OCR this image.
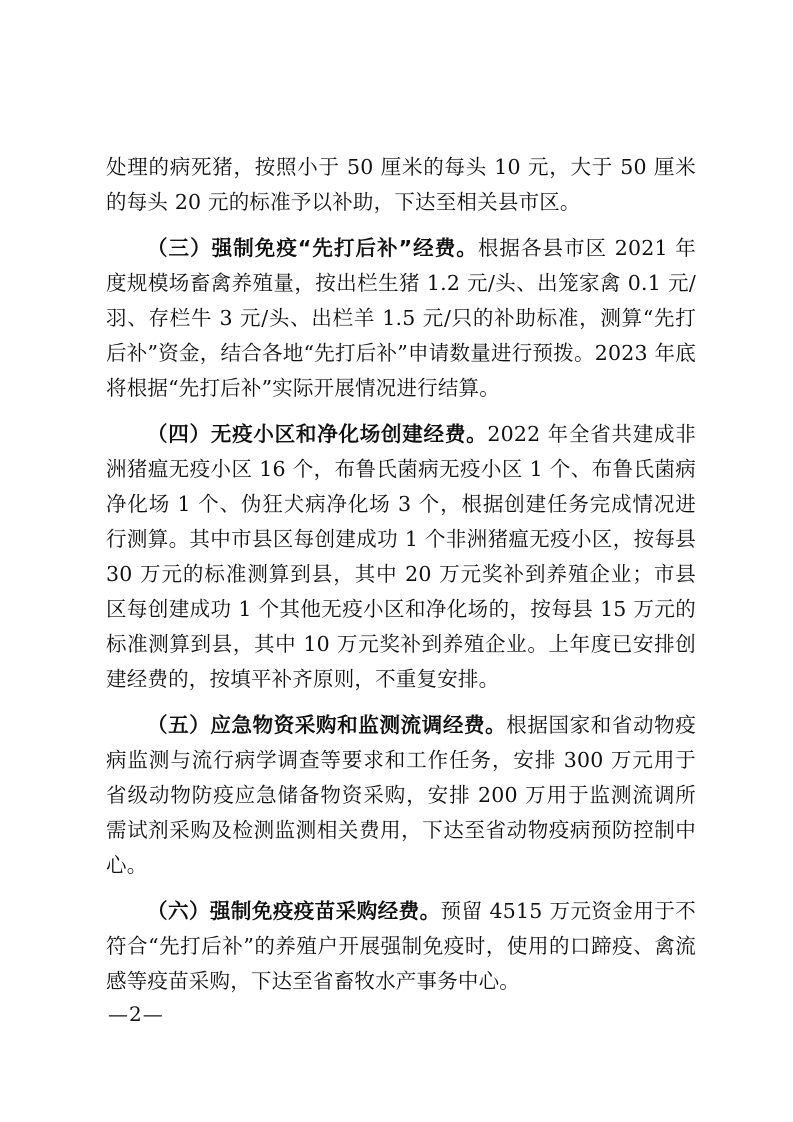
处理的病死猪，按照小于 50 厘米的每头 10 元，大于 50 厘米的每头 20 元的标准予以补助，下达至相关县市区。

（三）强制免疫“先打后补”经费。根据各县市区 2021 年度规模场畜禽养殖量，按出栏生猪 1.2 元/头、出笼家禽 0.1 元/羽、存栏牛 3 元/头、出栏羊 1.5 元/只的补助标准，测算“先打后补”资金，结合各地“先打后补”申请数量进行预拨。2023 年底将根据“先打后补”实际开展情况进行结算。

（四）无疫小区和净化场创建经费。2022 年全省共建成非洲猪瘟无疫小区 16 个，布鲁氏菌病无疫小区 1 个、布鲁氏菌病净化场 1 个、伪狂犬病净化场 3 个，根据创建任务完成情况进行测算。其中市县区每创建成功 1 个非洲猪瘟无疫小区，按每县 30 万元的标准测算到县，其中 20 万元奖补到养殖企业；市县区每创建成功 1 个其他无疫小区和净化场的，按每县 15 万元的标准测算到县，其中 10 万元奖补到养殖企业。上年度已安排创建经费的，按填平补齐原则，不重复安排。

（五）应急物资采购和监测流调经费。根据国家和省动物疫病监测与流行病学调查等要求和工作任务，安排 300 万元用于省级动物防疫应急储备物资采购，安排 200 万用于监测流调所需试剂采购及检测监测相关费用，下达至省动物疫病预防控制中心。

（六）强制免疫疫苗采购经费。预留 4515 万元资金用于不符合“先打后补”的养殖户开展强制免疫时，使用的口蹄疫、禽流感等疫苗采购，下达至省畜牧水产事务中心。

—2—
